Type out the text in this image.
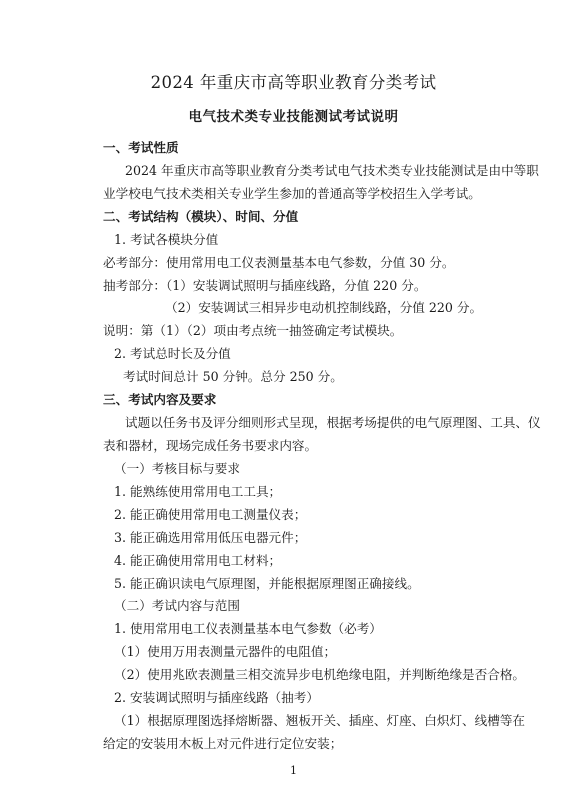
2024 年重庆市高等职业教育分类考试
电气技术类专业技能测试考试说明
一、考试性质
2024 年重庆市高等职业教育分类考试电气技术类专业技能测试是由中等职
业学校电气技术类相关专业学生参加的普通高等学校招生入学考试。
二、考试结构（模块）、时间、分值
1. 考试各模块分值
必考部分：使用常用电工仪表测量基本电气参数，分值 30 分。
抽考部分：（1）安装调试照明与插座线路，分值 220 分。
（2）安装调试三相异步电动机控制线路，分值 220 分。
说明：第（1）（2）项由考点统一抽签确定考试模块。
2. 考试总时长及分值
考试时间总计 50 分钟。总分 250 分。
三、考试内容及要求
试题以任务书及评分细则形式呈现，根据考场提供的电气原理图、工具、仪
表和器材，现场完成任务书要求内容。
（一）考核目标与要求
1. 能熟练使用常用电工工具；
2. 能正确使用常用电工测量仪表；
3. 能正确选用常用低压电器元件；
4. 能正确使用常用电工材料；
5. 能正确识读电气原理图，并能根据原理图正确接线。
（二）考试内容与范围
1. 使用常用电工仪表测量基本电气参数（必考）
（1）使用万用表测量元器件的电阻值；
（2）使用兆欧表测量三相交流异步电机绝缘电阻，并判断绝缘是否合格。
2. 安装调试照明与插座线路（抽考）
（1）根据原理图选择熔断器、翘板开关、插座、灯座、白炽灯、线槽等在
给定的安装用木板上对元件进行定位安装；
1
